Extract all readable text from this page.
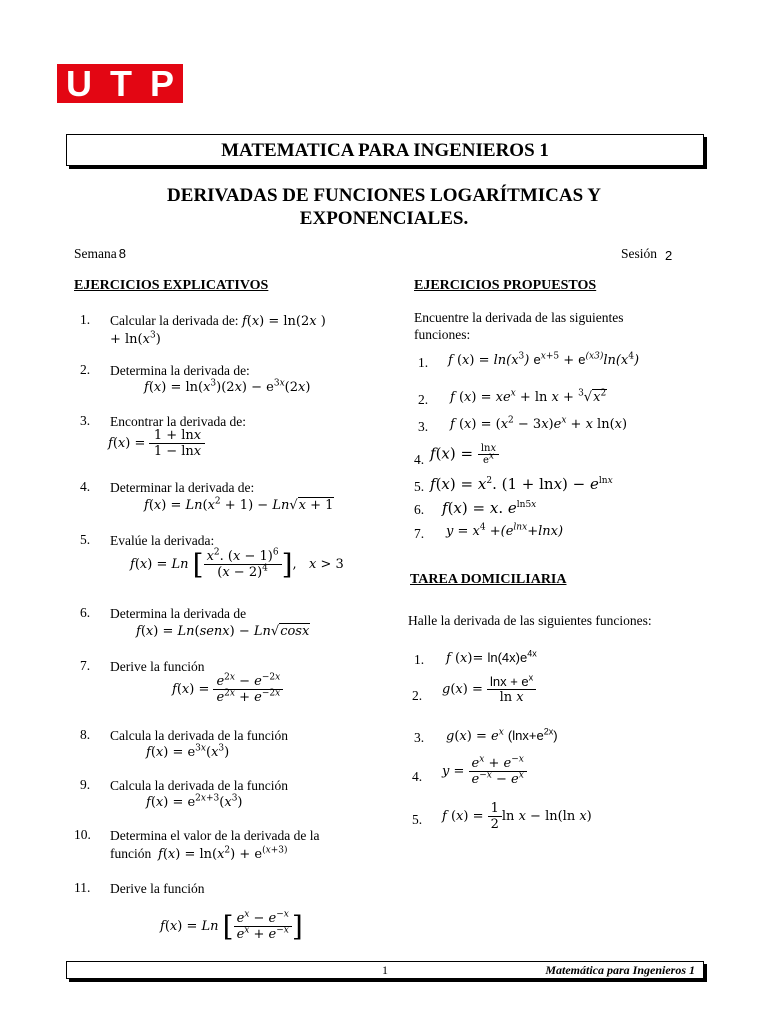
U T P
MATEMATICA PARA INGENIEROS 1
DERIVADAS DE FUNCIONES LOGARÍTMICAS Y EXPONENCIALES.
Semana 8	Sesión 2
EJERCICIOS EXPLICATIVOS
1. Calcular la derivada de: f(x) = ln(2x )
+ $\ln(x^3)$
2. Determina la derivada de:
$f(x) = \ln(x^3)(2x) - e^{3x}(2x)$
3. Encontrar la derivada de:
$f(x) = \frac{1 + \ln x}{1 - \ln x}$
4. Determinar la derivada de:
$f(x) = Ln(x^2 + 1) - Ln√x + 1$
5. Evalúe la derivada:
f(x) = Ln [ $\frac{x^2. (x - 1)^6}{(x - 2)^4}$ ],   x > 3
6. Determina la derivada de
f(x) = Ln(senx) − Ln√cosx
7. Derive la función
$f(x) = \frac{e^{2x} - e^{-2x}}{e^{2x} + e^{-2x}}$
8. Calcula la derivada de la función
$f(x) = e^{3x}(x^3)$
9. Calcula la derivada de la función
$f(x) = e^{2x+3}(x^3)$
10. Determina el valor de la derivada de la
función $f(x) = \ln(x^2) + e^{(x+3)}$
11. Derive la función
f(x) = Ln [ $\frac{e^x - e^{-x}}{e^x + e^{-x}}$ ]
EJERCICIOS PROPUESTOS
Encuentre la derivada de las siguientes funciones:
1. f $(x) = \ln(x^3) e^{x+5} + e^{(x3)}\ln(x^4)$
2. f $(x) = xe^x + \ln x + ^3√x^2$
3. f $(x) = (x^2 - 3x)e^x + x$ ln(x)
4. $f(x) = \frac{\ln x}{ex}$
5. $f(x) = x^2$. $(1 + \ln x) - e^{lnx}$
6. f(x) = x. $e^{ln5x}$
7. $y = x^4 +(e^{lnx}+\ln x)$
TAREA DOMICILIARIA
Halle la derivada de las siguientes funciones:
1. f $(x)= \ln(4x)e^{4x}$
2. $g(x) = \frac{\ln x + e^x}{\text{ln x}}$
3. $g(x) = e^x$ $(\ln x+e^{2x})$
4. $y = \frac{e^x + e^{-x}}{e^{-x} - e^x}$
5. f $(x) = \frac{1}{2}$ ln x − ln(ln x)
1	Matemática para Ingenieros 1
